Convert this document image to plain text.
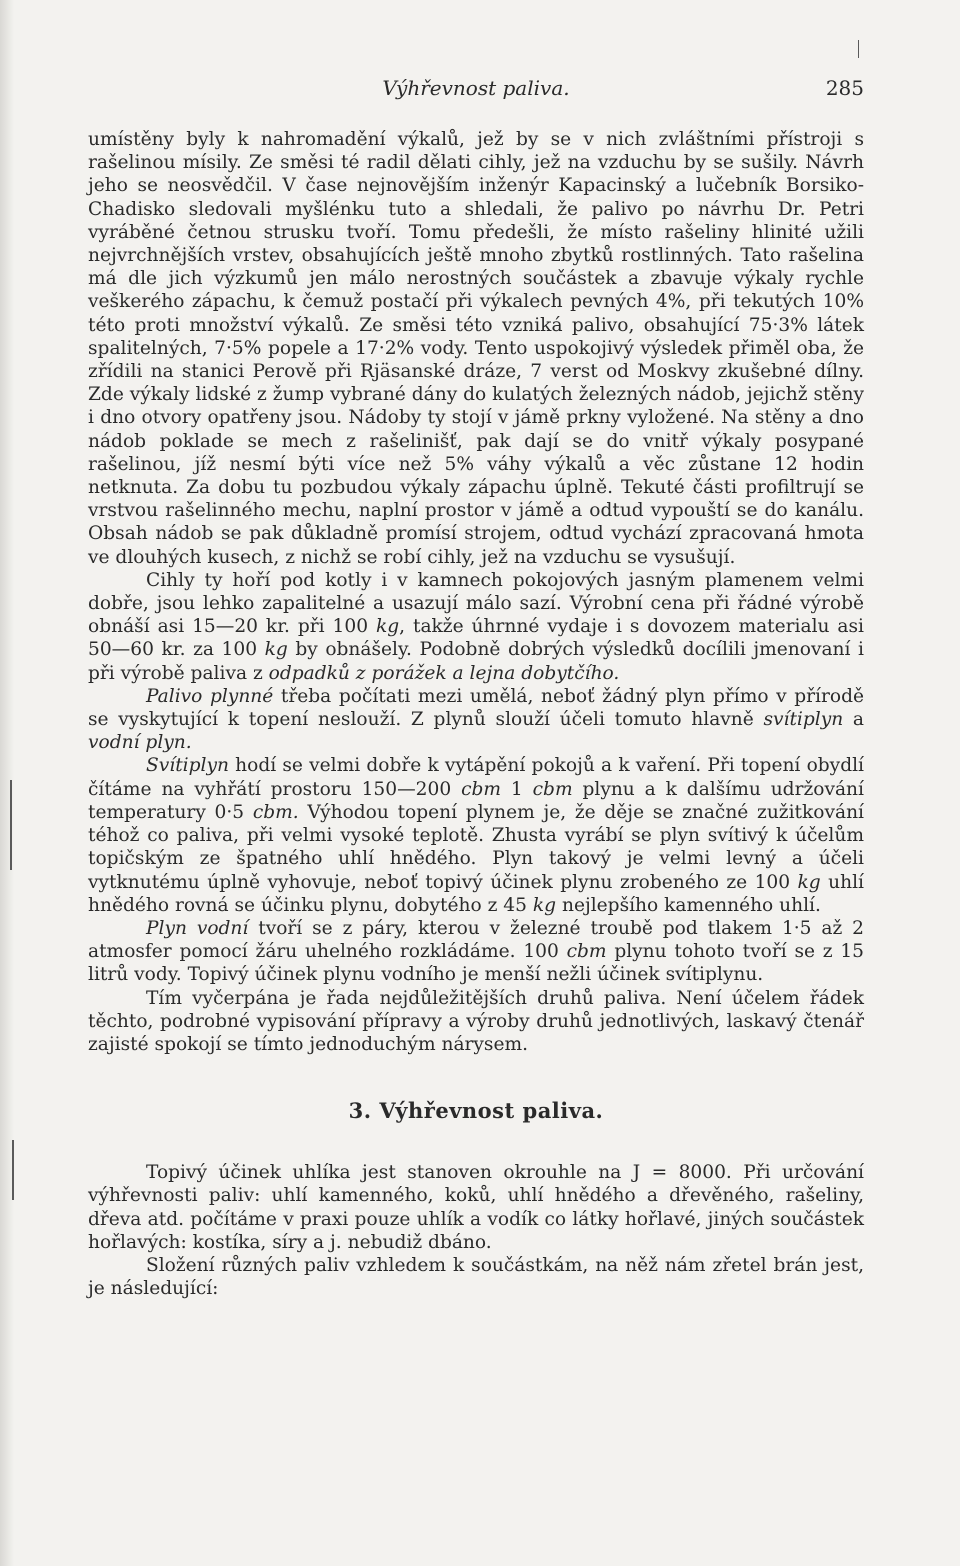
Výhřevnost paliva.	285

umístěny byly k nahromadění výkalů, jež by se v nich zvláštními přístroji s rašelinou mísily. Ze směsi té radil dělati cihly, jež na vzduchu by se sušily. Návrh jeho se neosvědčil. V čase nejnovějším inženýr Kapacinský a lučebník Borsiko-Chadisko sledovali myšlénku tuto a shledali, že palivo po návrhu Dr. Petri vyráběné četnou strusku tvoří. Tomu předešli, že místo rašeliny hlinité užili nejvrchnějších vrstev, obsahujících ještě mnoho zbytků rostlinných. Tato rašelina má dle jich výzkumů jen málo nerostných součástek a zbavuje výkaly rychle veškerého zápachu, k čemuž postačí při výkalech pevných 4%, při tekutých 10% této proti množství výkalů. Ze směsi této vzniká palivo, obsahující 75·3% látek spalitelných, 7·5% popele a 17·2% vody. Tento uspokojivý výsledek přiměl oba, že zřídili na stanici Perově při Rjäsanské dráze, 7 verst od Moskvy zkušebné dílny. Zde výkaly lidské z žump vybrané dány do kulatých železných nádob, jejichž stěny i dno otvory opatřeny jsou. Nádoby ty stojí v jámě prkny vyložené. Na stěny a dno nádob poklade se mech z rašelinišť, pak dají se do vnitř výkaly posypané rašelinou, jíž nesmí býti více než 5% váhy výkalů a věc zůstane 12 hodin netknuta. Za dobu tu pozbudou výkaly zápachu úplně. Tekuté části profiltrují se vrstvou rašelinného mechu, naplní prostor v jámě a odtud vypouští se do kanálu. Obsah nádob se pak důkladně promísí strojem, odtud vychází zpracovaná hmota ve dlouhých kusech, z nichž se robí cihly, jež na vzduchu se vysušují.

Cihly ty hoří pod kotly i v kamnech pokojových jasným plamenem velmi dobře, jsou lehko zapalitelné a usazují málo sazí. Výrobní cena při řádné výrobě obnáší asi 15—20 kr. při 100 kg, takže úhrnné vydaje i s dovozem materialu asi 50—60 kr. za 100 kg by obnášely. Podobně dobrých výsledků docílili jmenovaní i při výrobě paliva z odpadků z porážek a lejna dobytčího.

Palivo plynné třeba počítati mezi umělá, neboť žádný plyn přímo v přírodě se vyskytující k topení neslouží. Z plynů slouží účeli tomuto hlavně svítiplyn a vodní plyn.

Svítiplyn hodí se velmi dobře k vytápění pokojů a k vaření. Při topení obydlí čítáme na vyhřátí prostoru 150—200 cbm 1 cbm plynu a k dalšímu udržování temperatury 0·5 cbm. Výhodou topení plynem je, že děje se značné zužitkování téhož co paliva, při velmi vysoké teplotě. Zhusta vyrábí se plyn svítivý k účelům topičským ze špatného uhlí hnědého. Plyn takový je velmi levný a účeli vytknutému úplně vyhovuje, neboť topivý účinek plynu zrobeného ze 100 kg uhlí hnědého rovná se účinku plynu, dobytého z 45 kg nejlepšího kamenného uhlí.

Plyn vodní tvoří se z páry, kterou v železné troubě pod tlakem 1·5 až 2 atmosfer pomocí žáru uhelného rozkládáme. 100 cbm plynu tohoto tvoří se z 15 litrů vody. Topivý účinek plynu vodního je menší nežli účinek svítiplynu.

Tím vyčerpána je řada nejdůležitějších druhů paliva. Není účelem řádek těchto, podrobné vypisování přípravy a výroby druhů jednotlivých, laskavý čtenář zajisté spokojí se tímto jednoduchým nárysem.

3. Výhřevnost paliva.

Topivý účinek uhlíka jest stanoven okrouhle na J = 8000. Při určování výhřevnosti paliv: uhlí kamenného, koků, uhlí hnědého a dřevěného, rašeliny, dřeva atd. počítáme v praxi pouze uhlík a vodík co látky hořlavé, jiných součástek hořlavých: kostíka, síry a j. nebudiž dbáno.

Složení různých paliv vzhledem k součástkám, na něž nám zřetel brán jest, je následující:
